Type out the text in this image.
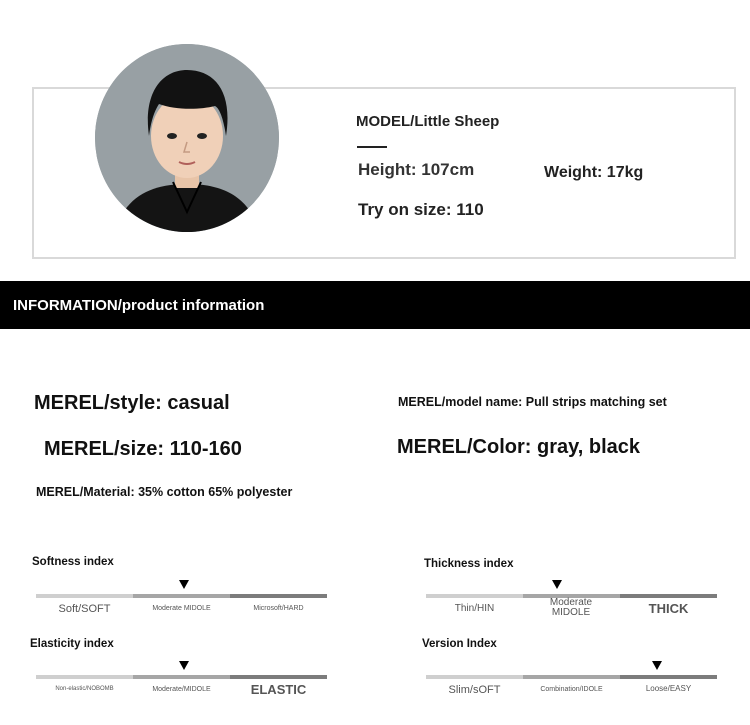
MODEL/Little Sheep
Height: 107cm	Weight: 17kg
Try on size: 110
INFORMATION/product information
MEREL/style: casual	MEREL/model name: Pull strips matching set
MEREL/size: 110-160	MEREL/Color: gray, black
MEREL/Material: 35% cotton 65% polyester
Softness index
Soft/SOFT	Moderate MIDOLE	Microsoft/HARD
Thickness index
Thin/HIN
Moderate MIDOLE	THICK
Elasticity index
Non-elastic/NOBOMB	Moderate/MIDOLE	ELASTIC
Version Index
Slim/sOFT	Combination/IDOLE	Loose/EASY
